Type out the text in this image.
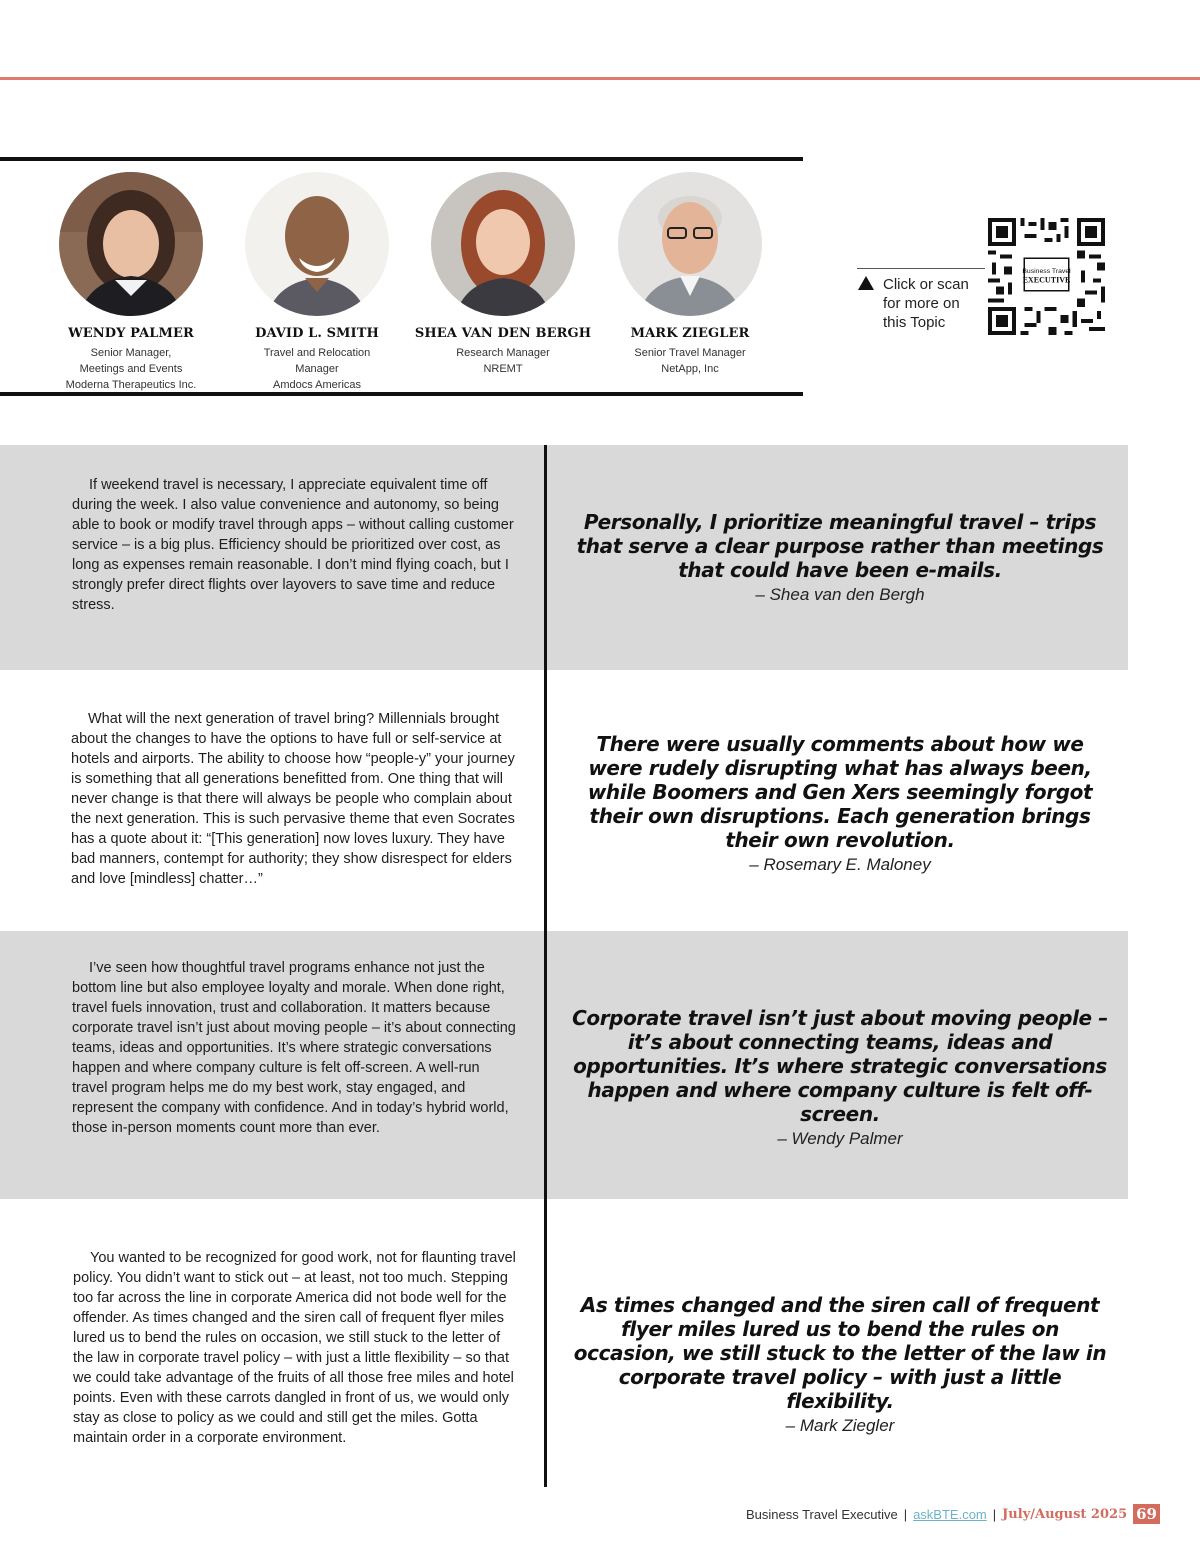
WENDY PALMER
Senior Manager,
Meetings and Events
Moderna Therapeutics Inc.
DAVID L. SMITH
Travel and Relocation
Manager
Amdocs Americas
SHEA VAN DEN BERGH
Research Manager
NREMT
MARK ZIEGLER
Senior Travel Manager
NetApp, Inc
Click or scan
for more on
this Topic
Business Travel
EXECUTIVE

If weekend travel is necessary, I appreciate equivalent time off during the week. I also value convenience and autonomy, so being able to book or modify travel through apps – without calling customer service – is a big plus. Efficiency should be prioritized over cost, as long as expenses remain reasonable. I don’t mind flying coach, but I strongly prefer direct flights over layovers to save time and reduce stress.

Personally, I prioritize meaningful travel – trips that serve a clear purpose rather than meetings that could have been e-mails.
– Shea van den Bergh

What will the next generation of travel bring? Millennials brought about the changes to have the options to have full or self-service at hotels and airports. The ability to choose how “people-y” your journey is something that all generations benefitted from. One thing that will never change is that there will always be people who complain about the next generation. This is such pervasive theme that even Socrates has a quote about it: “[This generation] now loves luxury. They have bad manners, contempt for authority; they show disrespect for elders and love [mindless] chatter…”

There were usually comments about how we were rudely disrupting what has always been, while Boomers and Gen Xers seemingly forgot their own disruptions. Each generation brings their own revolution.
– Rosemary E. Maloney

I’ve seen how thoughtful travel programs enhance not just the bottom line but also employee loyalty and morale. When done right, travel fuels innovation, trust and collaboration. It matters because corporate travel isn’t just about moving people – it’s about connecting teams, ideas and opportunities. It’s where strategic conversations happen and where company culture is felt off-screen. A well-run travel program helps me do my best work, stay engaged, and represent the company with confidence. And in today’s hybrid world, those in-person moments count more than ever.

Corporate travel isn’t just about moving people – it’s about connecting teams, ideas and opportunities. It’s where strategic conversations happen and where company culture is felt off-screen.
– Wendy Palmer

You wanted to be recognized for good work, not for flaunting travel policy. You didn’t want to stick out – at least, not too much. Stepping too far across the line in corporate America did not bode well for the offender. As times changed and the siren call of frequent flyer miles lured us to bend the rules on occasion, we still stuck to the letter of the law in corporate travel policy – with just a little flexibility – so that we could take advantage of the fruits of all those free miles and hotel points. Even with these carrots dangled in front of us, we would only stay as close to policy as we could and still get the miles. Gotta maintain order in a corporate environment.

As times changed and the siren call of frequent flyer miles lured us to bend the rules on occasion, we still stuck to the letter of the law in corporate travel policy – with just a little flexibility.
– Mark Ziegler
Business Travel Executive | askBTE.com | July/August 2025 69
